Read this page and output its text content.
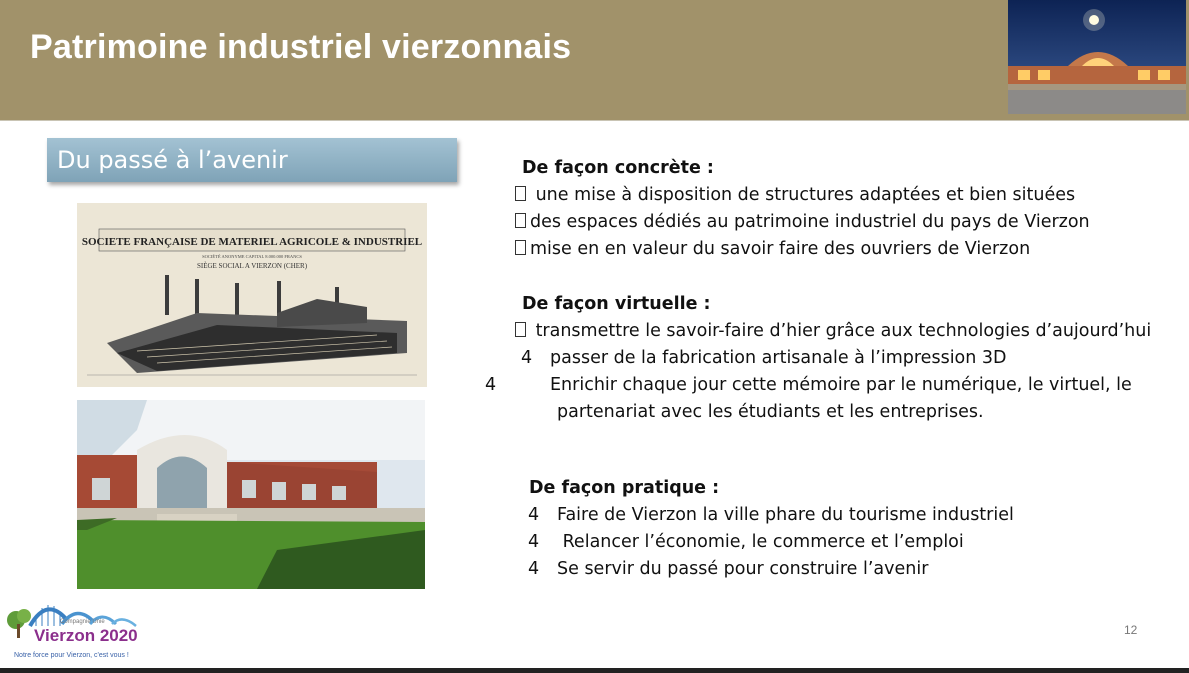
Patrimoine industriel vierzonnais
Du passé à l’avenir
SOCIETE FRANÇAISE DE MATERIEL AGRICOLE & INDUSTRIEL
SOCIÉTÉ ANONYME CAPITAL 8.000.000 FRANCS
SIÈGE SOCIAL A VIERZON (CHER)
De façon concrète :
une mise à disposition de structures adaptées et bien situées
des espaces dédiés au patrimoine industriel du pays de Vierzon
mise en en valeur du savoir faire des ouvriers de Vierzon
De façon virtuelle :
transmettre le savoir-faire d’hier grâce aux technologies d’aujourd’hui
4 passer de la fabrication artisanale à l’impression 3D
4	Enrichir chaque jour cette mémoire par le numérique, le virtuel, le partenariat avec les étudiants et les entreprises.
De façon pratique :
4 Faire de Vierzon la ville phare du tourisme industriel
4 Relancer l’économie, le commerce et l’emploi
4 Se servir du passé pour construire l’avenir
12
Compagnie Unie
Vierzon 2020
Notre force pour Vierzon, c'est vous !
